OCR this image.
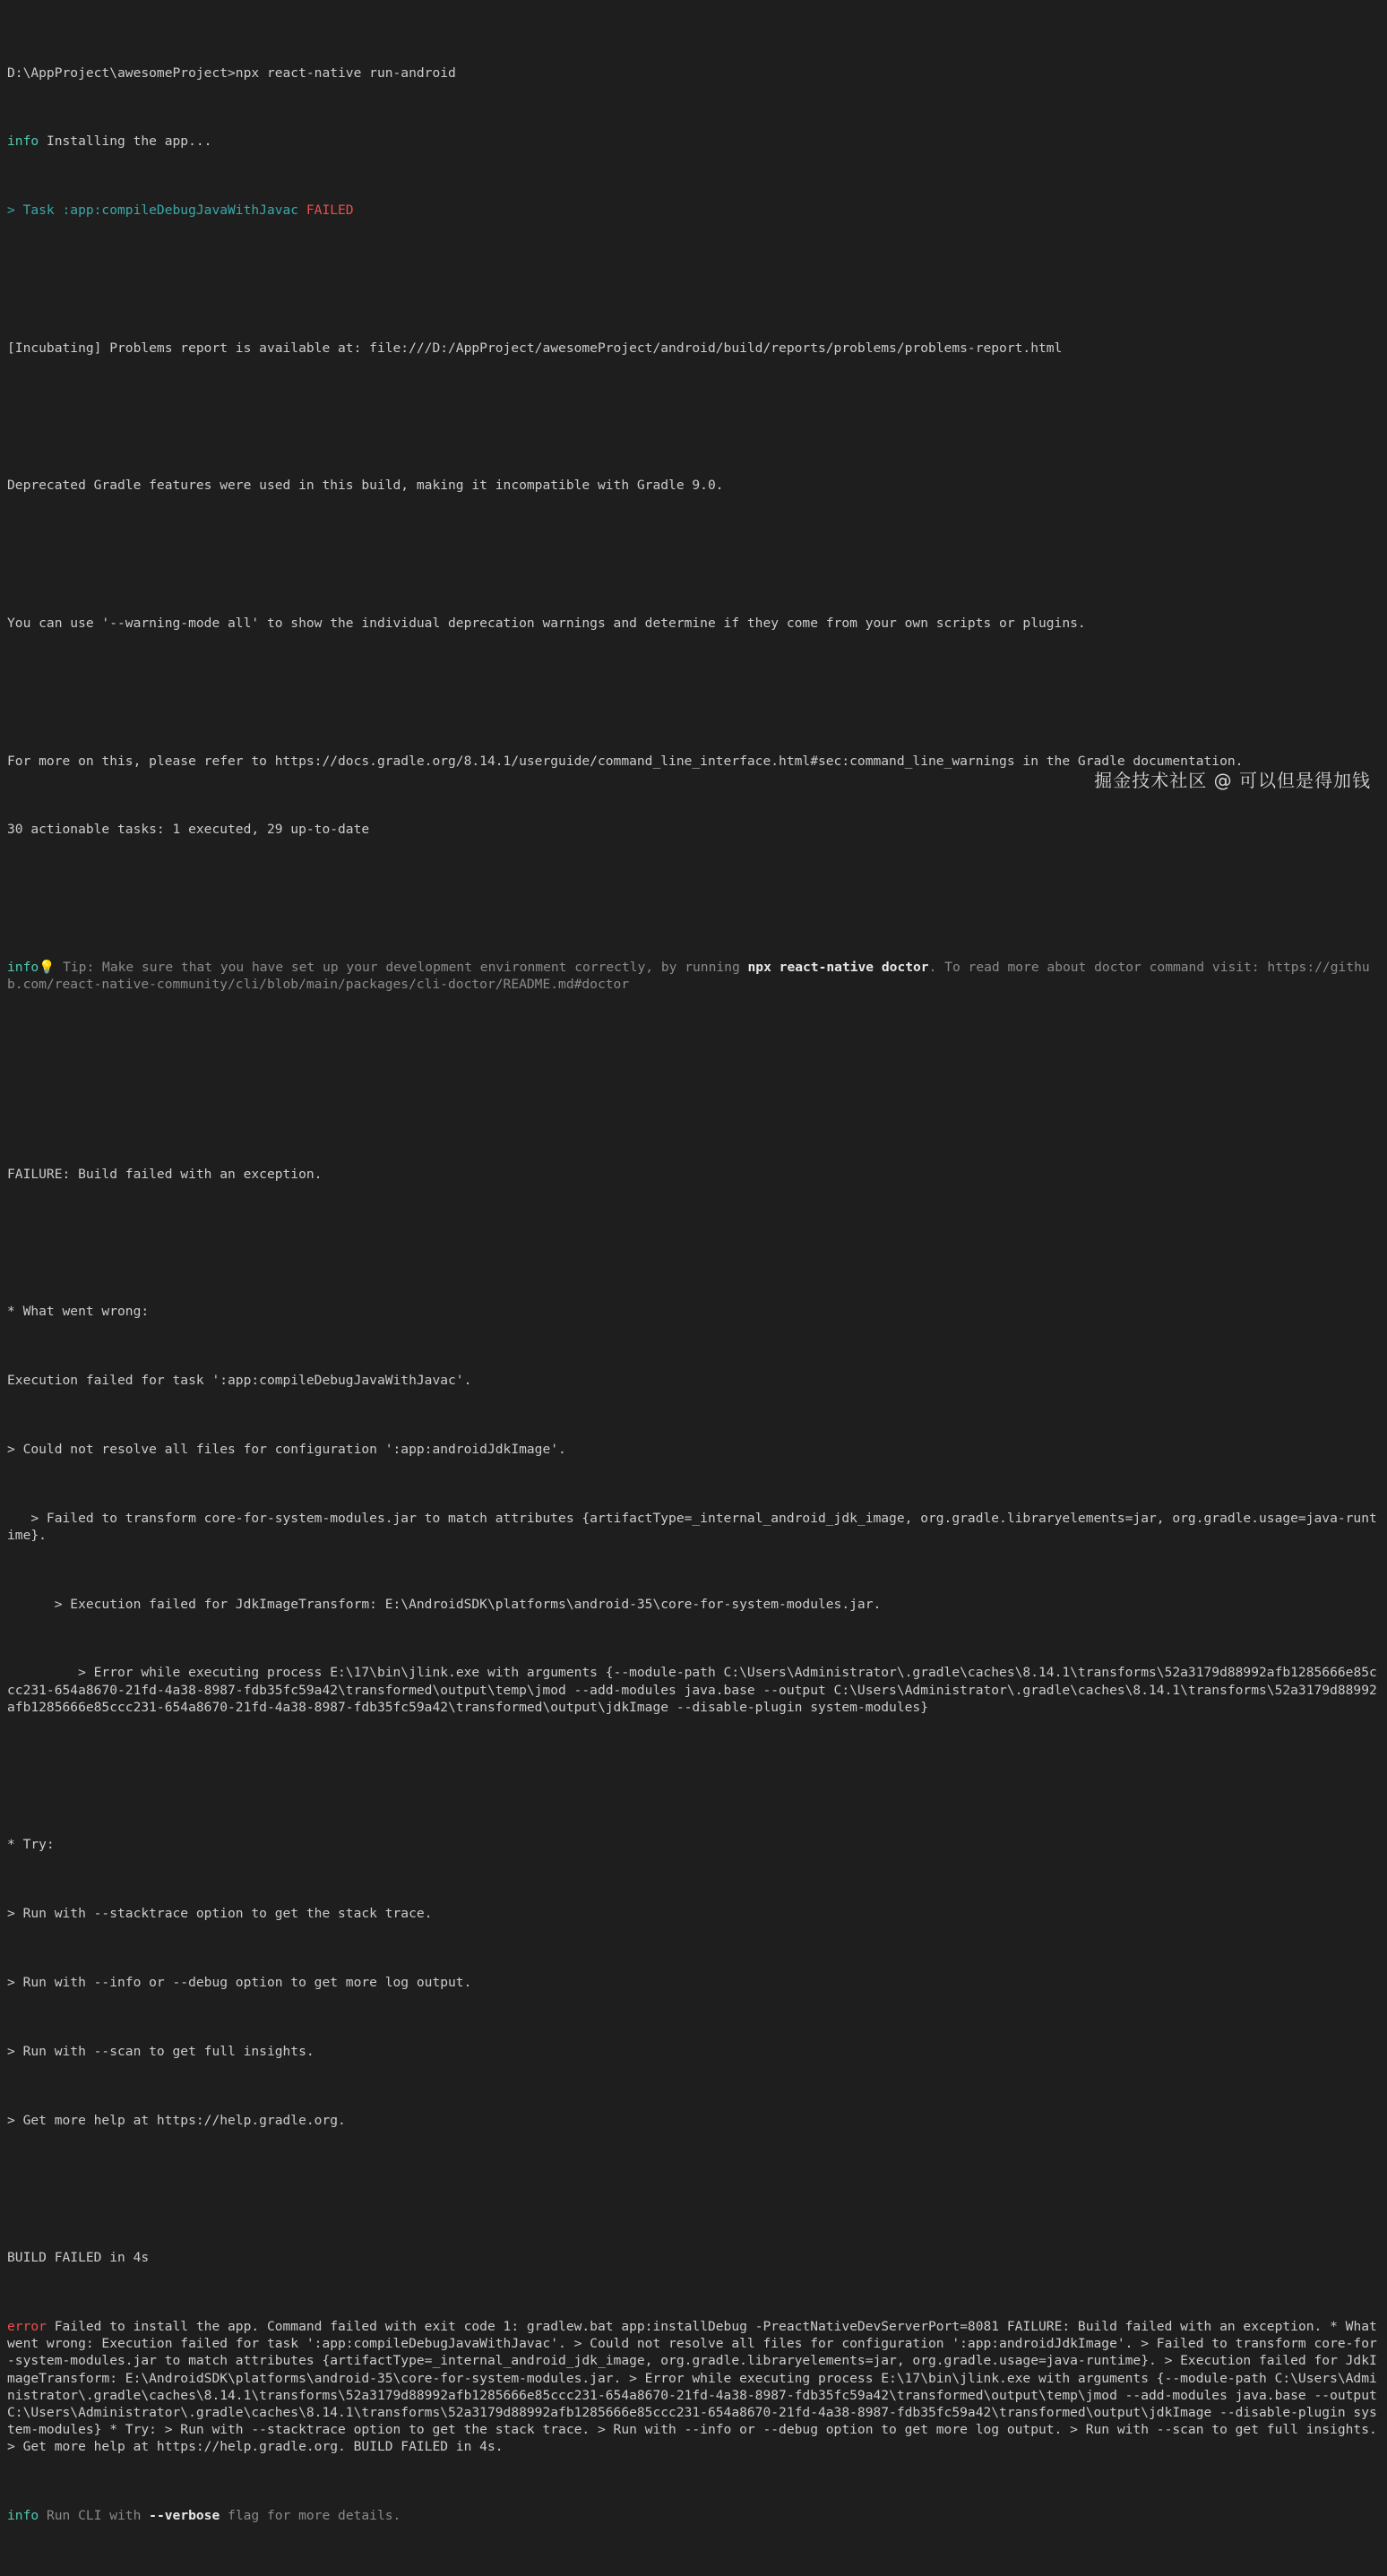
D:\AppProject\awesomeProject>npx react-native run-android

info Installing the app...

> Task :app:compileDebugJavaWithJavac FAILED

[Incubating] Problems report is available at: file:///D:/AppProject/awesomeProject/android/build/reports/problems/problems-report.html

Deprecated Gradle features were used in this build, making it incompatible with Gradle 9.0.

You can use '--warning-mode all' to show the individual deprecation warnings and determine if they come from your own scripts or plugins.

For more on this, please refer to https://docs.gradle.org/8.14.1/userguide/command_line_interface.html#sec:command_line_warnings in the Gradle documentation.

30 actionable tasks: 1 executed, 29 up-to-date

info💡 Tip: Make sure that you have set up your development environment correctly, by running npx react-native doctor. To read more about doctor command visit: https://github.com/react-native-community/cli/blob/main/packages/cli-doctor/README.md#doctor

FAILURE: Build failed with an exception.

* What went wrong:

Execution failed for task ':app:compileDebugJavaWithJavac'.

> Could not resolve all files for configuration ':app:androidJdkImage'.

> Failed to transform core-for-system-modules.jar to match attributes {artifactType=_internal_android_jdk_image, org.gradle.libraryelements=jar, org.gradle.usage=java-runtime}.

> Execution failed for JdkImageTransform: E:\AndroidSDK\platforms\android-35\core-for-system-modules.jar.

> Error while executing process E:\17\bin\jlink.exe with arguments {--module-path C:\Users\Administrator\.gradle\caches\8.14.1\transforms\52a3179d88992afb1285666e85ccc231-654a8670-21fd-4a38-8987-fdb35fc59a42\transformed\output\temp\jmod --add-modules java.base --output C:\Users\Administrator\.gradle\caches\8.14.1\transforms\52a3179d88992afb1285666e85ccc231-654a8670-21fd-4a38-8987-fdb35fc59a42\transformed\output\jdkImage --disable-plugin system-modules}

* Try:

> Run with --stacktrace option to get the stack trace.

> Run with --info or --debug option to get more log output.

> Run with --scan to get full insights.

> Get more help at https://help.gradle.org.

BUILD FAILED in 4s

error Failed to install the app. Command failed with exit code 1: gradlew.bat app:installDebug -PreactNativeDevServerPort=8081 FAILURE: Build failed with an exception. * What went wrong: Execution failed for task ':app:compileDebugJavaWithJavac'. > Could not resolve all files for configuration ':app:androidJdkImage'. > Failed to transform core-for-system-modules.jar to match attributes {artifactType=_internal_android_jdk_image, org.gradle.libraryelements=jar, org.gradle.usage=java-runtime}. > Execution failed for JdkImageTransform: E:\AndroidSDK\platforms\android-35\core-for-system-modules.jar. > Error while executing process E:\17\bin\jlink.exe with arguments {--module-path C:\Users\Administrator\.gradle\caches\8.14.1\transforms\52a3179d88992afb1285666e85ccc231-654a8670-21fd-4a38-8987-fdb35fc59a42\transformed\output\temp\jmod --add-modules java.base --output C:\Users\Administrator\.gradle\caches\8.14.1\transforms\52a3179d88992afb1285666e85ccc231-654a8670-21fd-4a38-8987-fdb35fc59a42\transformed\output\jdkImage --disable-plugin system-modules} * Try: > Run with --stacktrace option to get the stack trace. > Run with --info or --debug option to get more log output. > Run with --scan to get full insights. > Get more help at https://help.gradle.org. BUILD FAILED in 4s.

info Run CLI with --verbose flag for more details.

掘金技术社区 @ 可以但是得加钱
